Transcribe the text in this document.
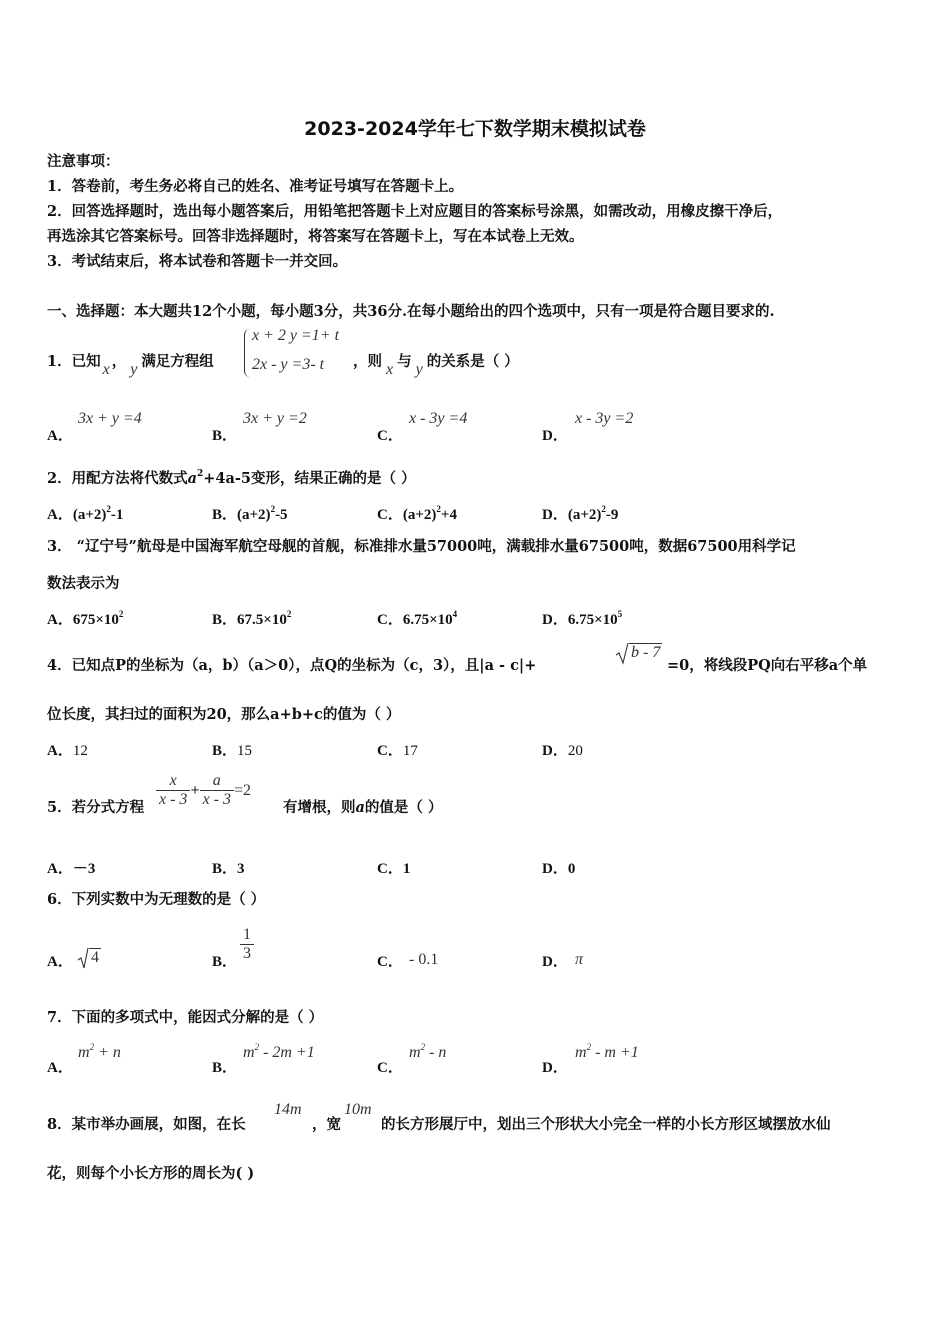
2023-2024学年七下数学期末模拟试卷
注意事项：
1．答卷前，考生务必将自己的姓名、准考证号填写在答题卡上。
2．回答选择题时，选出每小题答案后，用铅笔把答题卡上对应题目的答案标号涂黑，如需改动，用橡皮擦干净后，
再选涂其它答案标号。回答非选择题时，将答案写在答题卡上，写在本试卷上无效。
3．考试结束后，将本试卷和答题卡一并交回。
一、选择题：本大题共12个小题，每小题3分，共36分.在每小题给出的四个选项中，只有一项是符合题目要求的.
1．已知 x ， y 满足方程组
x + 2 y =1+ t
2x - y =3- t ，则 x 与 y 的关系是（ ）
A．
3x + y =4
B．
3x + y =2
C．
x - 3y =4
D．
x - 3y =2
2．用配方法将代数式$a^2+4a-5$变形，结果正确的是（ ）
A．$(a+2)^2-1$	B．$(a+2)^2-5$	C．$(a+2)^2+4$	D．$(a+2)^2-9$
3． “辽宁号”航母是中国海军航空母舰的首舰，标准排水量57000吨，满载排水量67500吨，数据67500用科学记
数法表示为
A．$675\times 10^2$	B．$67.5\times 10^2$	C．$6.75\times 10^4$	D．$6.75\times 10^5$
4．已知点P的坐标为（a，b）（a＞0），点Q的坐标为（c，3），且|a - c|+
b - 7
=0，将线段PQ向右平移a个单
位长度，其扫过的面积为20，那么a+b+c的值为（ ）
A．12	B．15	C．17	D．20
5．若分式方程 $\frac{x}{x - 3} + \frac{a}{x - 3} =2$
有增根，则a的值是（ ）
A．－3	B．3	C．1	D．0
6．下列实数中为无理数的是（ ）
A． 4	B． $\frac{1}{3}$	C． - 0.1	D． π
7．下面的多项式中，能因式分解的是（ ）
A．
$m^2 + n$
B．
$m^2 - 2m +1$
C．
$m^2$ - n
D．
$m^2 - m +1$
8．某市举办画展，如图，在长
14m
，宽
10m
的长方形展厅中，划出三个形状大小完全一样的小长方形区域摆放水仙
花，则每个小长方形的周长为( )
